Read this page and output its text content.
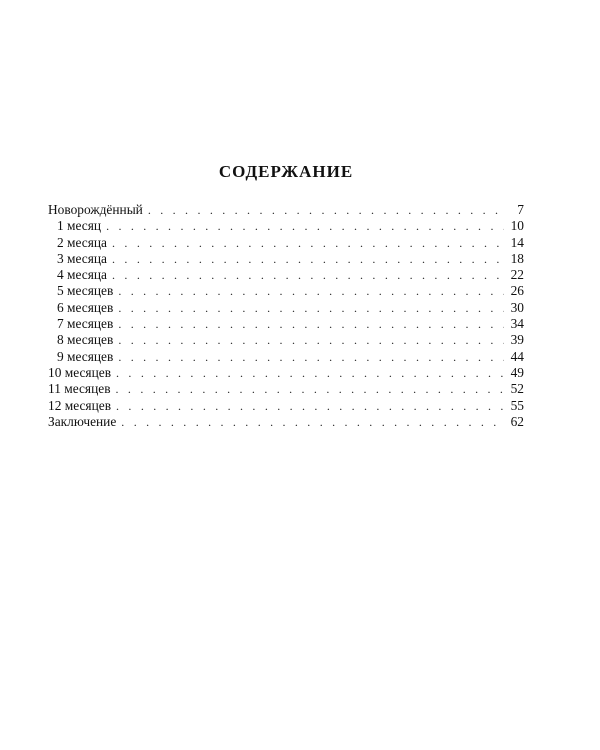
СОДЕРЖАНИЕ
Новорождённый . . .	7
1 месяц . . .	10
2 месяца . . .	14
3 месяца . . .	18
4 месяца . . .	22
5 месяцев . . .	26
6 месяцев . . .	30
7 месяцев . . .	34
8 месяцев . . .	39
9 месяцев . . .	44
10 месяцев . . .	49
11 месяцев . . .	52
12 месяцев . . .	55
Заключение . . .	62
